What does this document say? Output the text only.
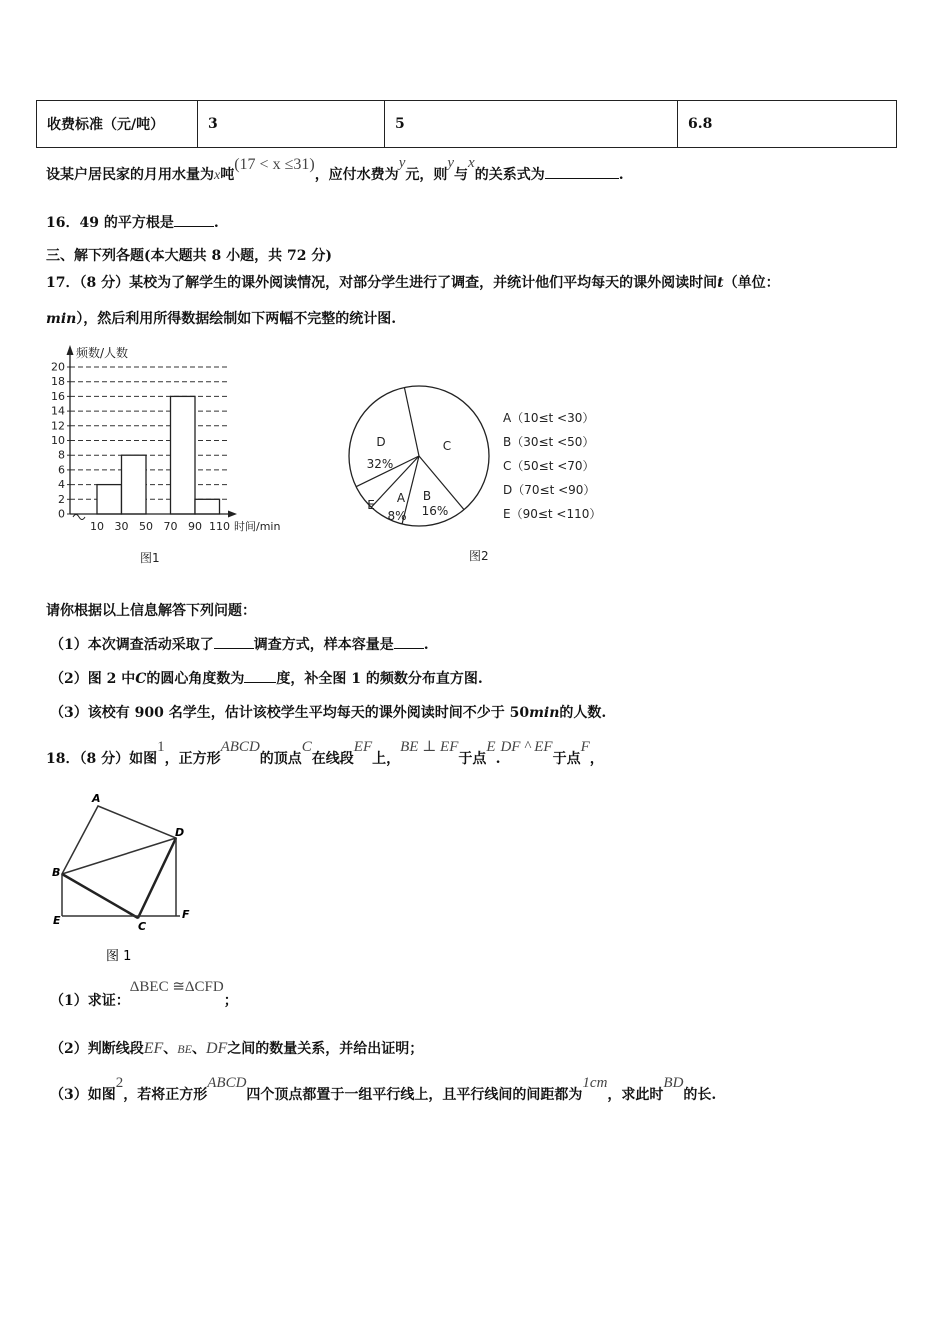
收费标准（元/吨）	3	5	6.8
设某户居民家的月用水量为x吨(17 < x ≤31)，应付水费为y元，则y与x的关系式为	.
16．49 的平方根是	.
三、解下列各题(本大题共 8 小题，共 72 分)
17．（8 分）某校为了解学生的课外阅读情况，对部分学生进行了调查，并统计他们平均每天的课外阅读时间t（单位：
min），然后利用所得数据绘制如下两幅不完整的统计图.
0
2
4
6
8
10
12
14
16
18
20
10 30 50 70 90 110 时间/min
频数/人数
图1
A
8%
B
16%
C
D
32%
E
A（10≤t <30）
B（30≤t <50）
C（50≤t <70）
D（70≤t <90）
E（90≤t <110）
图2
请你根据以上信息解答下列问题：
（1）本次调查活动采取了	调查方式，样本容量是 .
（2）图 2 中C的圆心角度数为 度，补全图 1 的频数分布直方图.
（3）该校有 900 名学生，估计该校学生平均每天的课外阅读时间不少于 50min的人数.
18．（8 分）如图1，正方形ABCD的顶点C在线段EF上，BE ⊥ EF于点E.DF ^ EF于点F，
A
D
B
E	C
F
图 1
（1）求证：ΔBEC ≅ΔCFD；
（2）判断线段EF、BE、DF之间的数量关系，并给出证明；
（3）如图2，若将正方形ABCD四个顶点都置于一组平行线上，且平行线间的间距都为1cm，求此时BD的长.
